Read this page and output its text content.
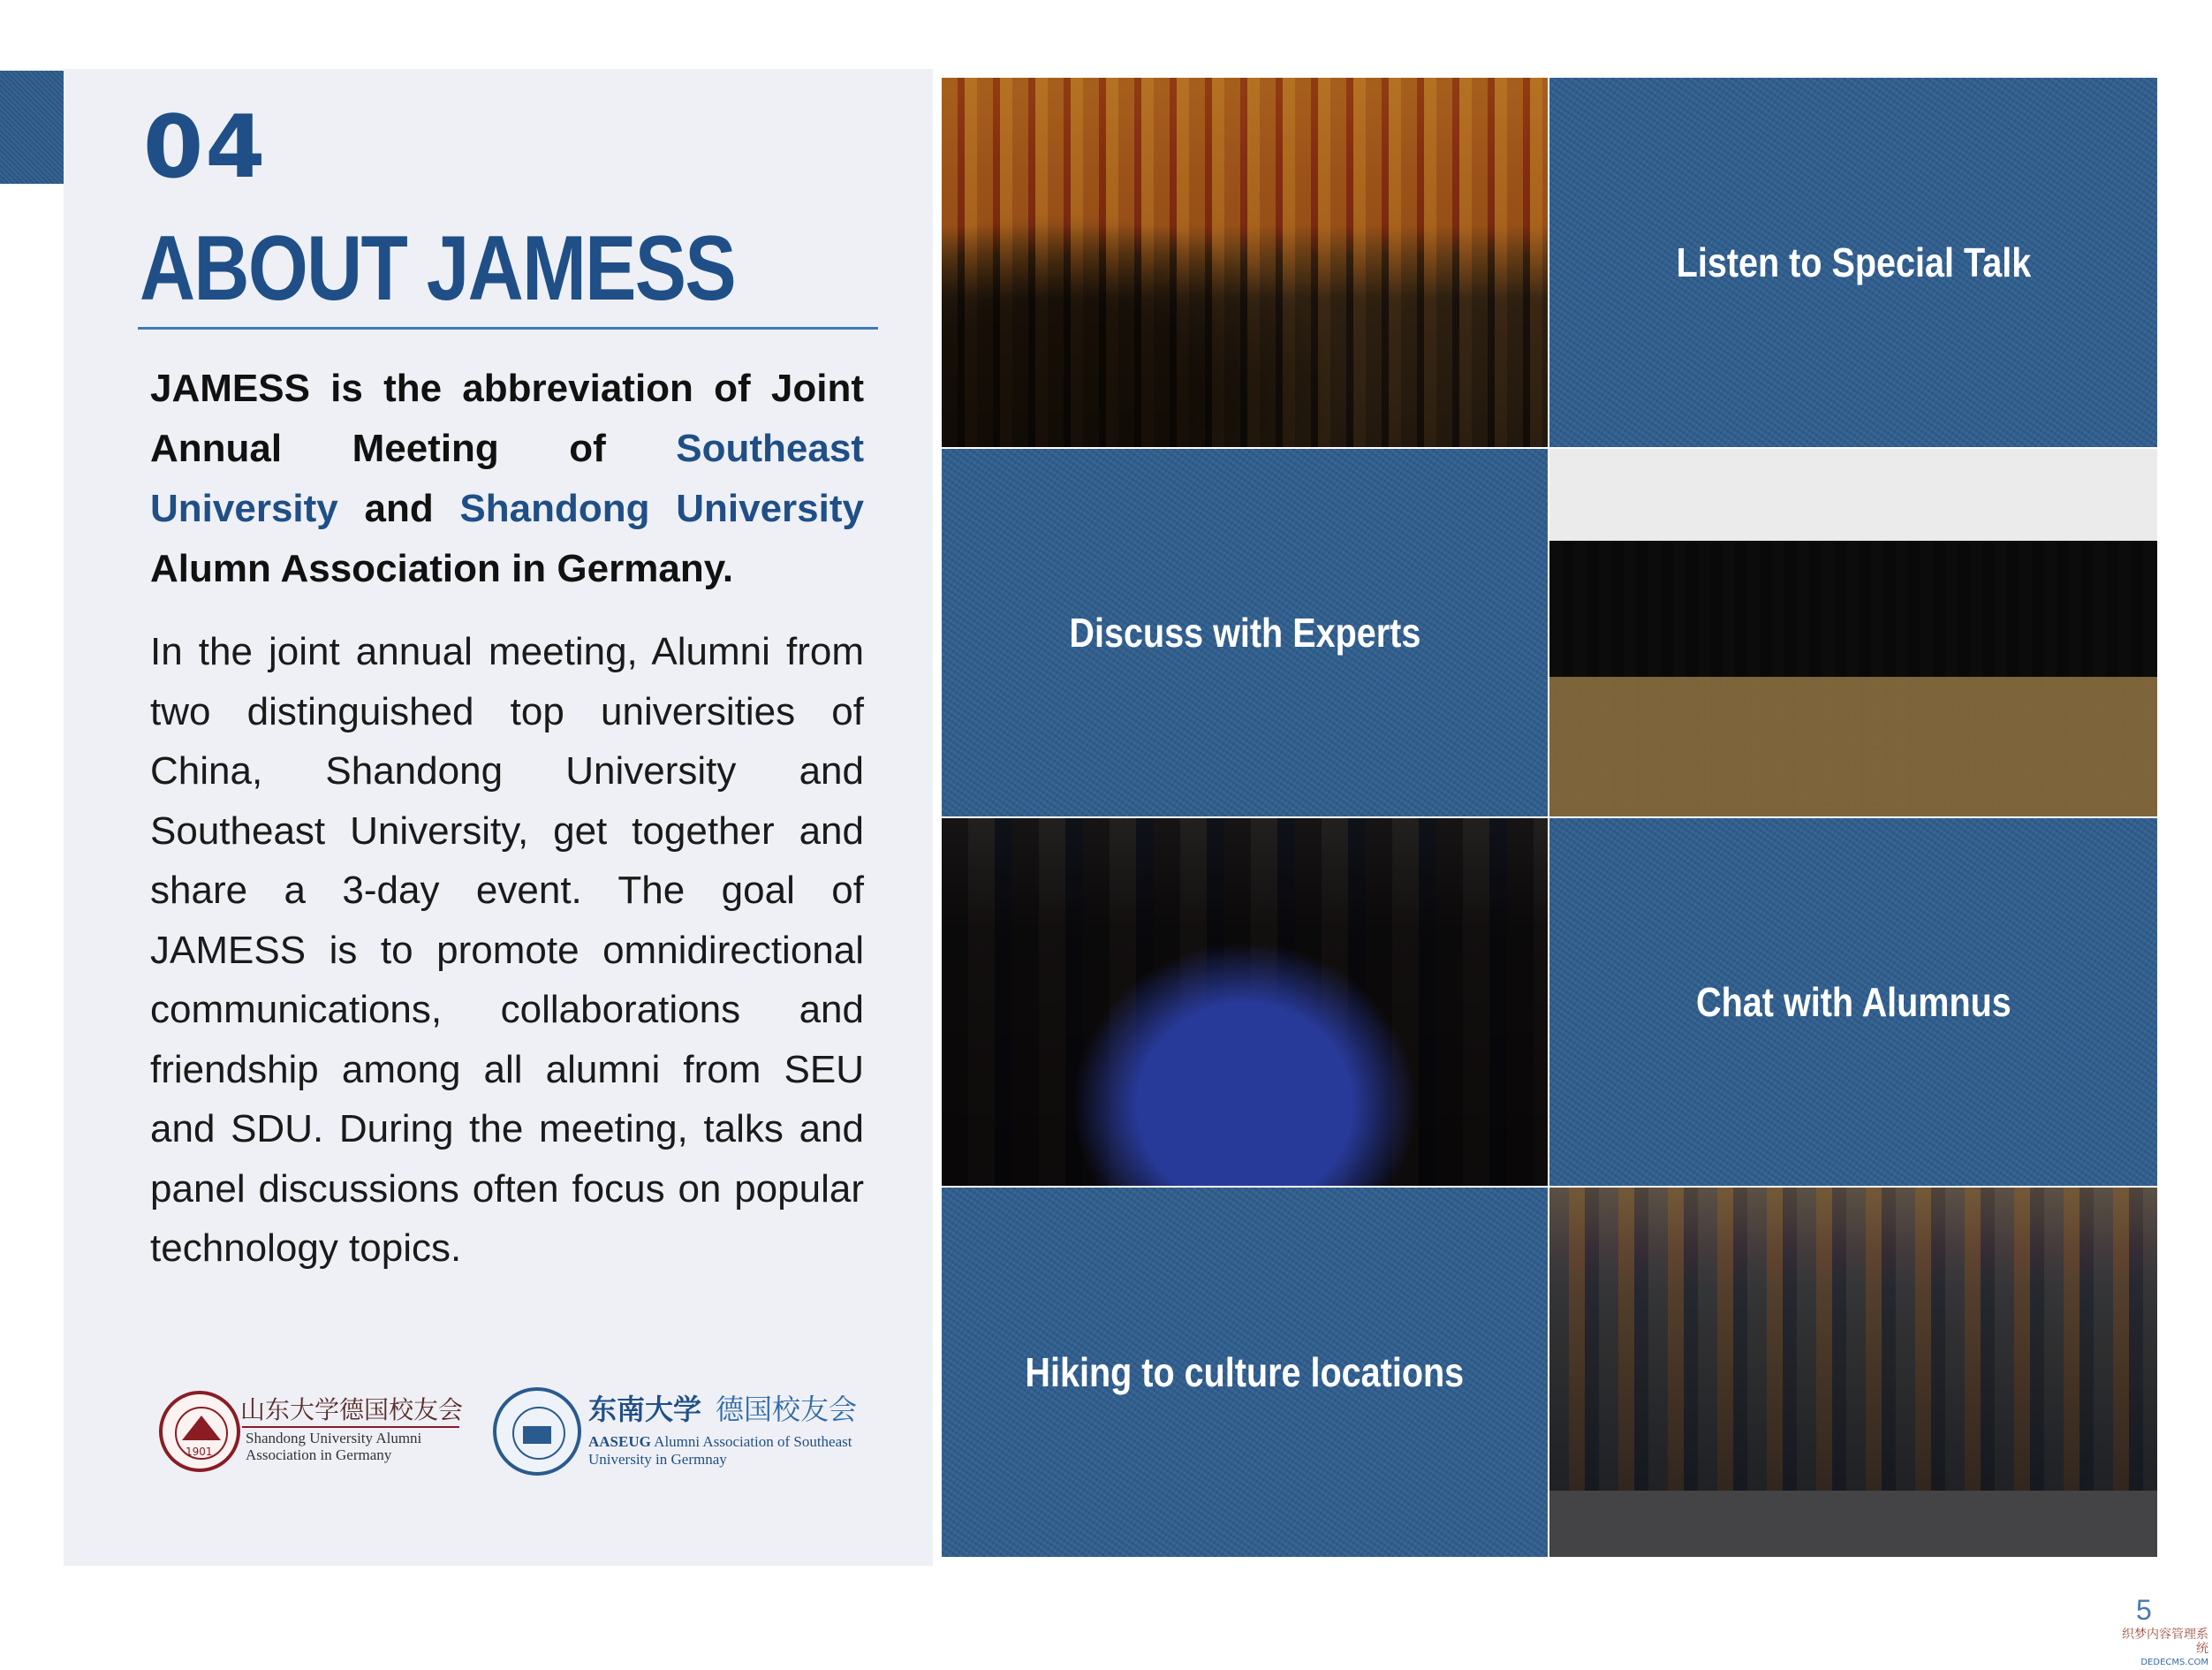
04
ABOUT JAMESS

JAMESS is the abbreviation of Joint Annual Meeting of Southeast University and Shandong University Alumn Association in Germany.

In the joint annual meeting, Alumni from two distinguished top universities of China, Shandong University and Southeast University, get together and share a 3-day event. The goal of JAMESS is to promote omnidirectional communications, collaborations and friendship among all alumni from SEU and SDU. During the meeting, talks and panel discussions often focus on popular technology topics.

1901
山东大学德国校友会
Shandong University Alumni
Association in Germany
东南大学 德国校友会
AASEUG Alumni Association of Southeast
University in Germnay
Listen to Special Talk
Discuss with Experts
Chat with Alumnus
Hiking to culture locations
5
织梦内容管理系统
DEDECMS.COM
